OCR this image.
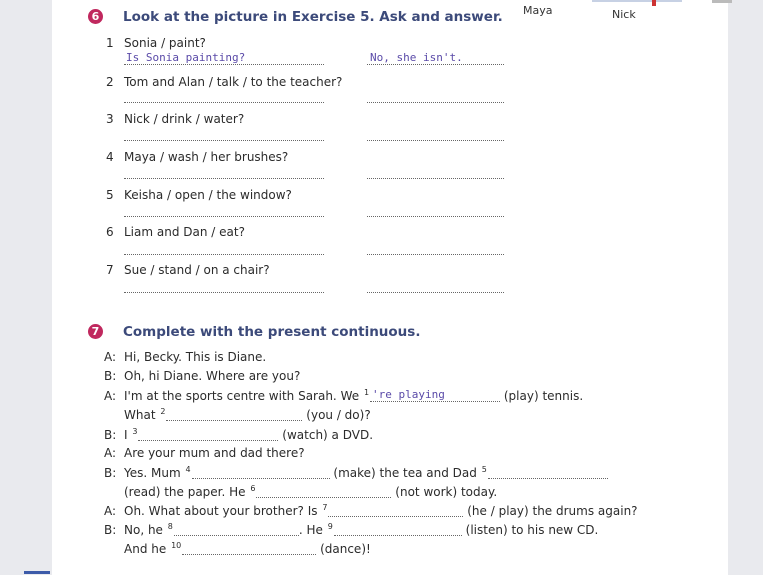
Maya	Nick
6 Look at the picture in Exercise 5. Ask and answer.
1 Sonia / paint?
Is Sonia painting?	No, she isn't.
2 Tom and Alan / talk / to the teacher?
3 Nick / drink / water?
4 Maya / wash / her brushes?
5 Keisha / open / the window?
6 Liam and Dan / eat?
7 Sue / stand / on a chair?
7 Complete with the present continuous.
A: Hi, Becky. This is Diane.
B: Oh, hi Diane. Where are you?
A: I'm at the sports centre with Sarah. We $^1$ 're playing	(play) tennis.
What $^2$	(you / do)?
B: I $^3$	(watch) a DVD.
A: Are your mum and dad there?
B: Yes. Mum $^4$	(make) the tea and Dad $^5$
(read) the paper. He $^6$	(not work) today.
A: Oh. What about your brother? Is $^7$	(he / play) the drums again?
B: No, he $^8$	. He $^9$	(listen) to his new CD.
And he $^{10}$	(dance)!
